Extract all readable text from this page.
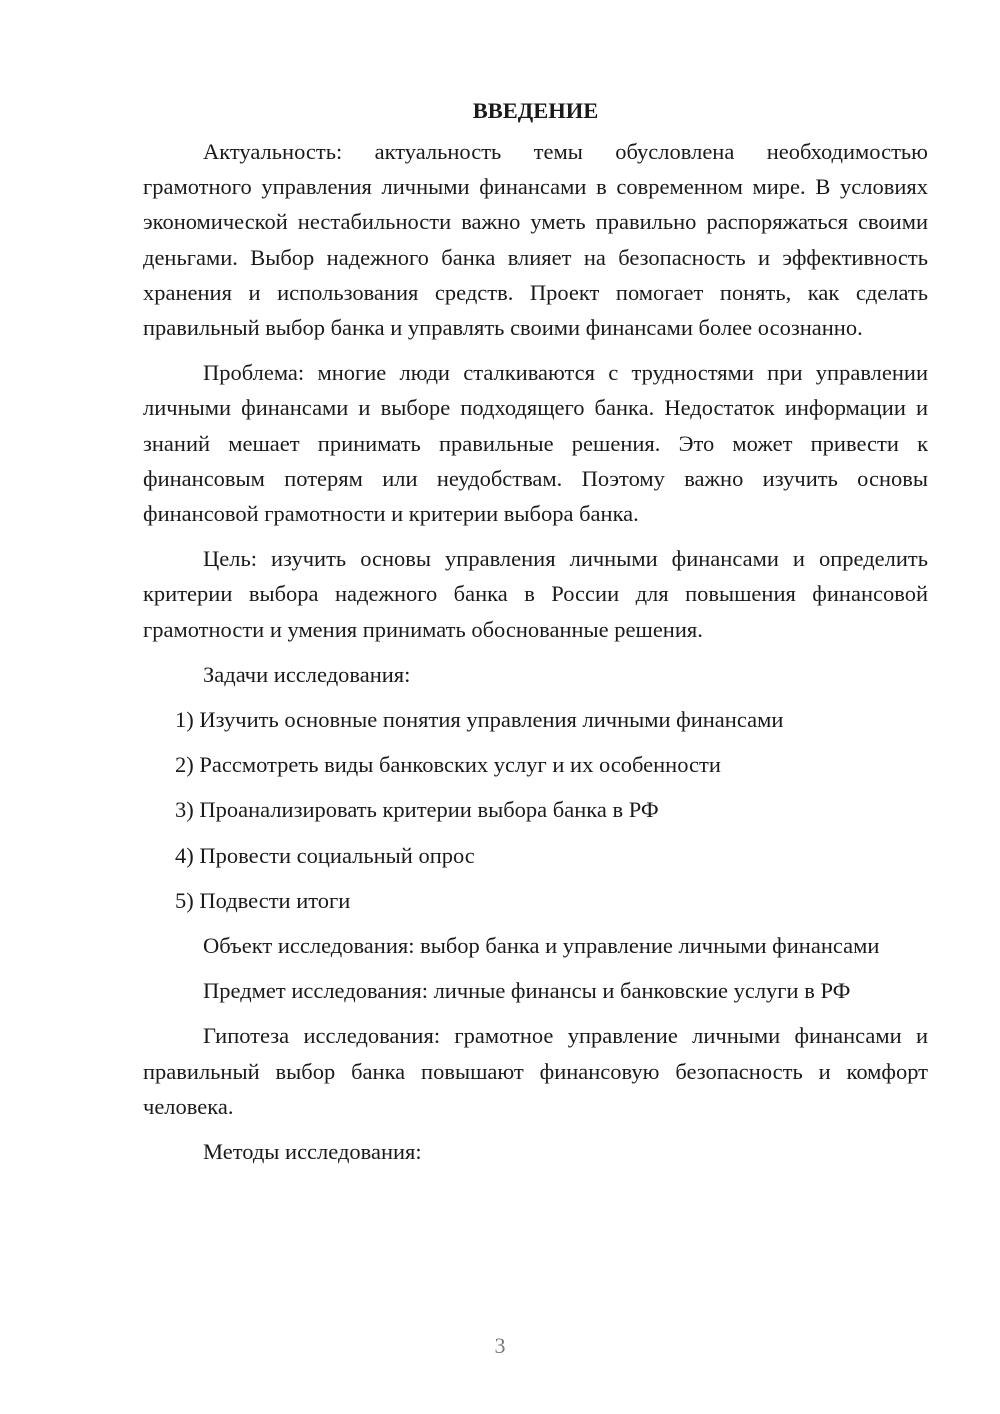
ВВЕДЕНИЕ

Актуальность: актуальность темы обусловлена необходимостью грамотного управления личными финансами в современном мире. В условиях экономической нестабильности важно уметь правильно распоряжаться своими деньгами. Выбор надежного банка влияет на безопасность и эффективность хранения и использования средств. Проект помогает понять, как сделать правильный выбор банка и управлять своими финансами более осознанно.

Проблема: многие люди сталкиваются с трудностями при управлении личными финансами и выборе подходящего банка. Недостаток информации и знаний мешает принимать правильные решения. Это может привести к финансовым потерям или неудобствам. Поэтому важно изучить основы финансовой грамотности и критерии выбора банка.

Цель: изучить основы управления личными финансами и определить критерии выбора надежного банка в России для повышения финансовой грамотности и умения принимать обоснованные решения.

Задачи исследования:

1) Изучить основные понятия управления личными финансами

2) Рассмотреть виды банковских услуг и их особенности

3) Проанализировать критерии выбора банка в РФ

4) Провести социальный опрос

5) Подвести итоги

Объект исследования: выбор банка и управление личными финансами

Предмет исследования: личные финансы и банковские услуги в РФ

Гипотеза исследования: грамотное управление личными финансами и правильный выбор банка повышают финансовую безопасность и комфорт человека.

Методы исследования:

3
